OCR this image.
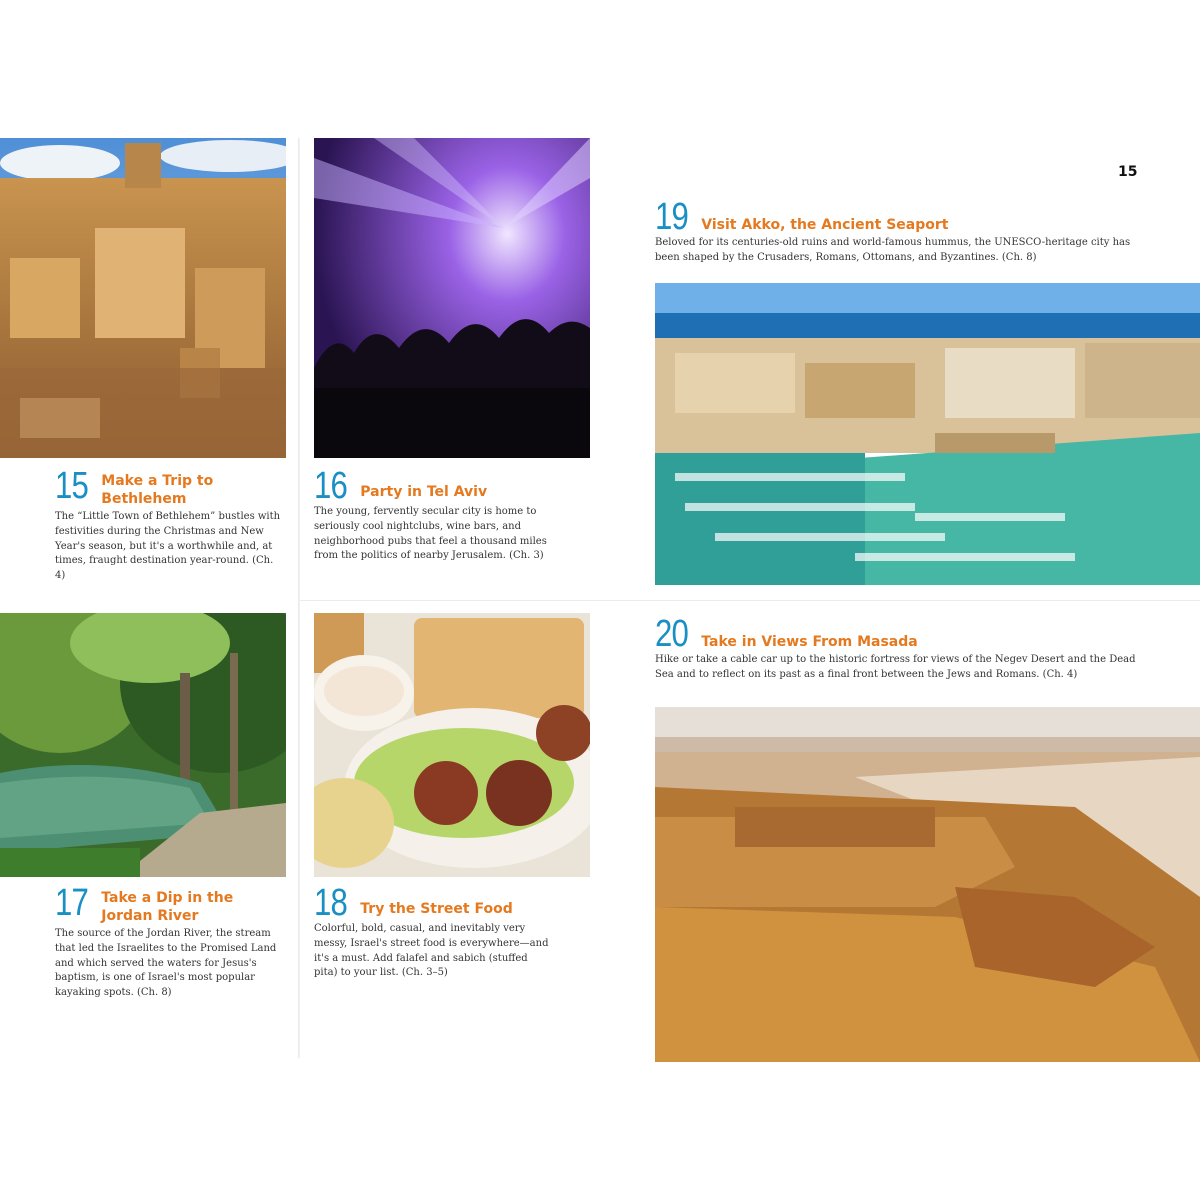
15
15 Make a Trip to Bethlehem
The “Little Town of Bethlehem” bustles with festivities during the Christmas and New Year's season, but it's a worthwhile and, at times, fraught destination year-round. (Ch. 4)
16 Party in Tel Aviv
The young, fervently secular city is home to seriously cool nightclubs, wine bars, and neighborhood pubs that feel a thousand miles from the politics of nearby Jerusalem. (Ch. 3)
17 Take a Dip in the Jordan River
The source of the Jordan River, the stream that led the Israelites to the Promised Land and which served the waters for Jesus's baptism, is one of Israel's most popular kayaking spots. (Ch. 8)
18 Try the Street Food
Colorful, bold, casual, and inevitably very messy, Israel's street food is everywhere—and it's a must. Add falafel and sabich (stuffed pita) to your list. (Ch. 3–5)
19 Visit Akko, the Ancient Seaport
Beloved for its centuries-old ruins and world-famous hummus, the UNESCO-heritage city has been shaped by the Crusaders, Romans, Ottomans, and Byzantines. (Ch. 8)
20 Take in Views From Masada
Hike or take a cable car up to the historic fortress for views of the Negev Desert and the Dead Sea and to reflect on its past as a final front between the Jews and Romans. (Ch. 4)
